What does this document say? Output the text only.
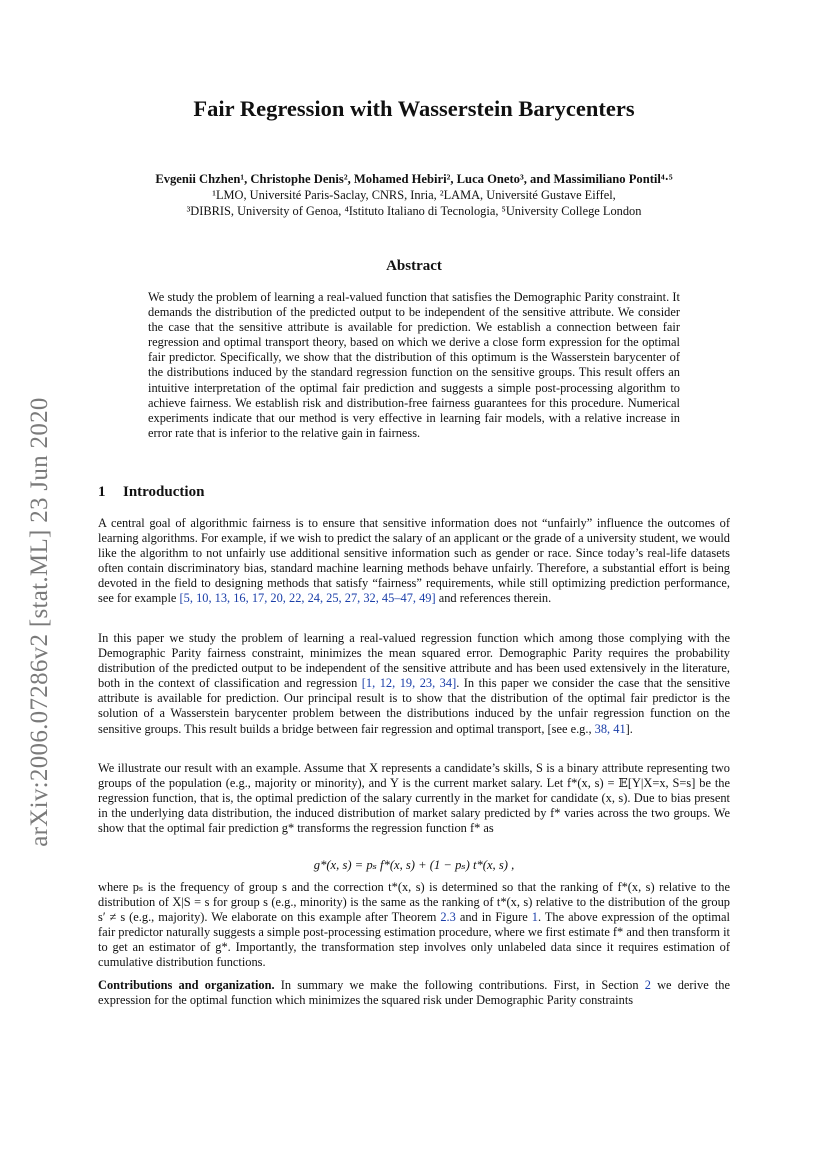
arXiv:2006.07286v2 [stat.ML] 23 Jun 2020
Fair Regression with Wasserstein Barycenters
Evgenii Chzhen¹, Christophe Denis², Mohamed Hebiri², Luca Oneto³, and Massimiliano Pontil⁴·⁵
¹LMO, Université Paris-Saclay, CNRS, Inria, ²LAMA, Université Gustave Eiffel,
³DIBRIS, University of Genoa, ⁴Istituto Italiano di Tecnologia, ⁵University College London
Abstract
We study the problem of learning a real-valued function that satisfies the Demographic Parity constraint. It demands the distribution of the predicted output to be independent of the sensitive attribute. We consider the case that the sensitive attribute is available for prediction. We establish a connection between fair regression and optimal transport theory, based on which we derive a close form expression for the optimal fair predictor. Specifically, we show that the distribution of this optimum is the Wasserstein barycenter of the distributions induced by the standard regression function on the sensitive groups. This result offers an intuitive interpretation of the optimal fair prediction and suggests a simple post-processing algorithm to achieve fairness. We establish risk and distribution-free fairness guarantees for this procedure. Numerical experiments indicate that our method is very effective in learning fair models, with a relative increase in error rate that is inferior to the relative gain in fairness.
1 Introduction
A central goal of algorithmic fairness is to ensure that sensitive information does not “unfairly” influence the outcomes of learning algorithms. For example, if we wish to predict the salary of an applicant or the grade of a university student, we would like the algorithm to not unfairly use additional sensitive information such as gender or race. Since today’s real-life datasets often contain discriminatory bias, standard machine learning methods behave unfairly. Therefore, a substantial effort is being devoted in the field to designing methods that satisfy “fairness” requirements, while still optimizing prediction performance, see for example [5, 10, 13, 16, 17, 20, 22, 24, 25, 27, 32, 45–47, 49] and references therein.
In this paper we study the problem of learning a real-valued regression function which among those complying with the Demographic Parity fairness constraint, minimizes the mean squared error. Demographic Parity requires the probability distribution of the predicted output to be independent of the sensitive attribute and has been used extensively in the literature, both in the context of classification and regression [1, 12, 19, 23, 34]. In this paper we consider the case that the sensitive attribute is available for prediction. Our principal result is to show that the distribution of the optimal fair predictor is the solution of a Wasserstein barycenter problem between the distributions induced by the unfair regression function on the sensitive groups. This result builds a bridge between fair regression and optimal transport, [see e.g., 38, 41].
We illustrate our result with an example. Assume that X represents a candidate’s skills, S is a binary attribute representing two groups of the population (e.g., majority or minority), and Y is the current market salary. Let f*(x, s) = 𝔼[Y|X=x, S=s] be the regression function, that is, the optimal prediction of the salary currently in the market for candidate (x, s). Due to bias present in the underlying data distribution, the induced distribution of market salary predicted by f* varies across the two groups. We show that the optimal fair prediction g* transforms the regression function f* as
g*(x, s) = pₛ f*(x, s) + (1 − pₛ) t*(x, s) ,
where pₛ is the frequency of group s and the correction t*(x, s) is determined so that the ranking of f*(x, s) relative to the distribution of X|S = s for group s (e.g., minority) is the same as the ranking of t*(x, s) relative to the distribution of the group s′ ≠ s (e.g., majority). We elaborate on this example after Theorem 2.3 and in Figure 1. The above expression of the optimal fair predictor naturally suggests a simple post-processing estimation procedure, where we first estimate f* and then transform it to get an estimator of g*. Importantly, the transformation step involves only unlabeled data since it requires estimation of cumulative distribution functions.
Contributions and organization. In summary we make the following contributions. First, in Section 2 we derive the expression for the optimal function which minimizes the squared risk under Demographic Parity constraints
